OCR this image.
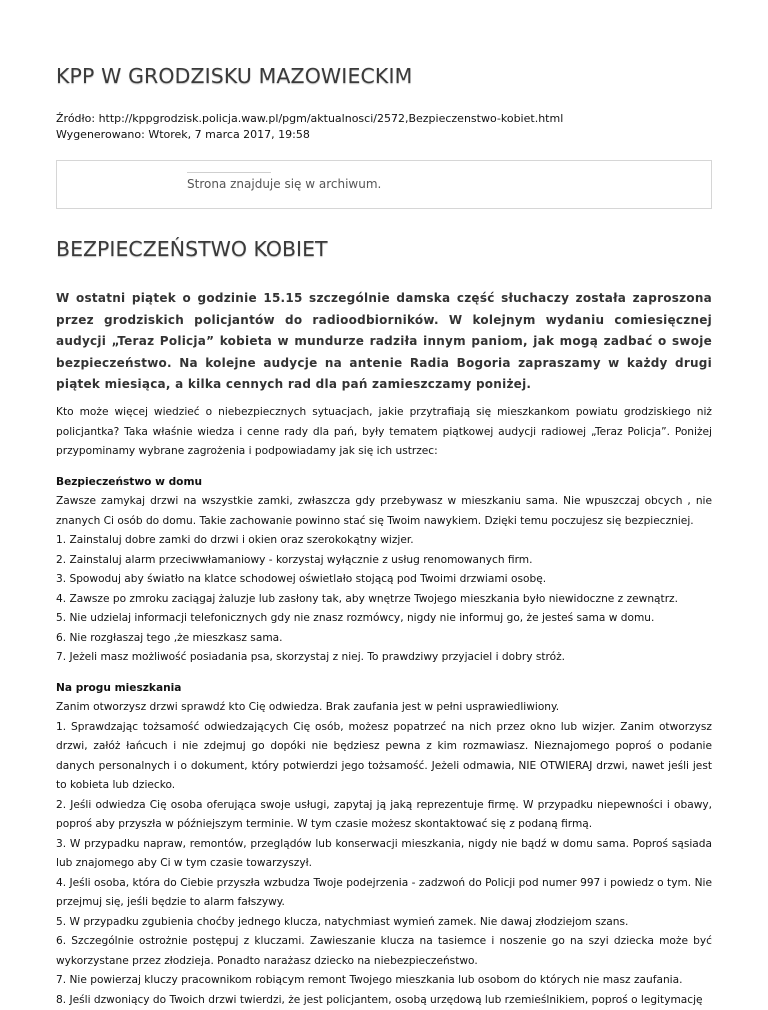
KPP W GRODZISKU MAZOWIECKIM
Źródło: http://kppgrodzisk.policja.waw.pl/pgm/aktualnosci/2572,Bezpieczenstwo-kobiet.html
Wygenerowano: Wtorek, 7 marca 2017, 19:58
Strona znajduje się w archiwum.
BEZPIECZEŃSTWO KOBIET

W ostatni piątek o godzinie 15.15 szczególnie damska część słuchaczy została zaproszona przez grodziskich policjantów do radioodbiorników. W kolejnym wydaniu comiesięcznej audycji „Teraz Policja” kobieta w mundurze radziła innym paniom, jak mogą zadbać o swoje bezpieczeństwo. Na kolejne audycje na antenie Radia Bogoria zapraszamy w każdy drugi piątek miesiąca, a kilka cennych rad dla pań zamieszczamy poniżej.

Kto może więcej wiedzieć o niebezpiecznych sytuacjach, jakie przytrafiają się mieszkankom powiatu grodziskiego niż policjantka? Taka właśnie wiedza i cenne rady dla pań, były tematem piątkowej audycji radiowej „Teraz Policja”. Poniżej przypominamy wybrane zagrożenia i podpowiadamy jak się ich ustrzec:

Bezpieczeństwo w domu

Zawsze zamykaj drzwi na wszystkie zamki, zwłaszcza gdy przebywasz w mieszkaniu sama. Nie wpuszczaj obcych , nie znanych Ci osób do domu. Takie zachowanie powinno stać się Twoim nawykiem. Dzięki temu poczujesz się bezpieczniej.

1. Zainstaluj dobre zamki do drzwi i okien oraz szerokokątny wizjer.

2. Zainstaluj alarm przeciwwłamaniowy - korzystaj wyłącznie z usług renomowanych firm.

3. Spowoduj aby światło na klatce schodowej oświetlało stojącą pod Twoimi drzwiami osobę.

4. Zawsze po zmroku zaciągaj żaluzje lub zasłony tak, aby wnętrze Twojego mieszkania było niewidoczne z zewnątrz.

5. Nie udzielaj informacji telefonicznych gdy nie znasz rozmówcy, nigdy nie informuj go, że jesteś sama w domu.

6. Nie rozgłaszaj tego ,że mieszkasz sama.

7. Jeżeli masz możliwość posiadania psa, skorzystaj z niej. To prawdziwy przyjaciel i dobry stróż.

Na progu mieszkania

Zanim otworzysz drzwi sprawdź kto Cię odwiedza. Brak zaufania jest w pełni usprawiedliwiony.

1. Sprawdzając tożsamość odwiedzających Cię osób, możesz popatrzeć na nich przez okno lub wizjer. Zanim otworzysz drzwi, załóż łańcuch i nie zdejmuj go dopóki nie będziesz pewna z kim rozmawiasz. Nieznajomego poproś o podanie danych personalnych i o dokument, który potwierdzi jego tożsamość. Jeżeli odmawia, NIE OTWIERAJ drzwi, nawet jeśli jest to kobieta lub dziecko.

2. Jeśli odwiedza Cię osoba oferująca swoje usługi, zapytaj ją jaką reprezentuje firmę. W przypadku niepewności i obawy, poproś aby przyszła w późniejszym terminie. W tym czasie możesz skontaktować się z podaną firmą.

3. W przypadku napraw, remontów, przeglądów lub konserwacji mieszkania, nigdy nie bądź w domu sama. Poproś sąsiada lub znajomego aby Ci w tym czasie towarzyszył.

4. Jeśli osoba, która do Ciebie przyszła wzbudza Twoje podejrzenia - zadzwoń do Policji pod numer 997 i powiedz o tym. Nie przejmuj się, jeśli będzie to alarm fałszywy.

5. W przypadku zgubienia choćby jednego klucza, natychmiast wymień zamek. Nie dawaj złodziejom szans.

6. Szczególnie ostrożnie postępuj z kluczami. Zawieszanie klucza na tasiemce i noszenie go na szyi dziecka może być wykorzystane przez złodzieja. Ponadto narażasz dziecko na niebezpieczeństwo.

7. Nie powierzaj kluczy pracownikom robiącym remont Twojego mieszkania lub osobom do których nie masz zaufania.

8. Jeśli dzwoniący do Twoich drzwi twierdzi, że jest policjantem, osobą urzędową lub rzemieślnikiem, poproś o legitymację
